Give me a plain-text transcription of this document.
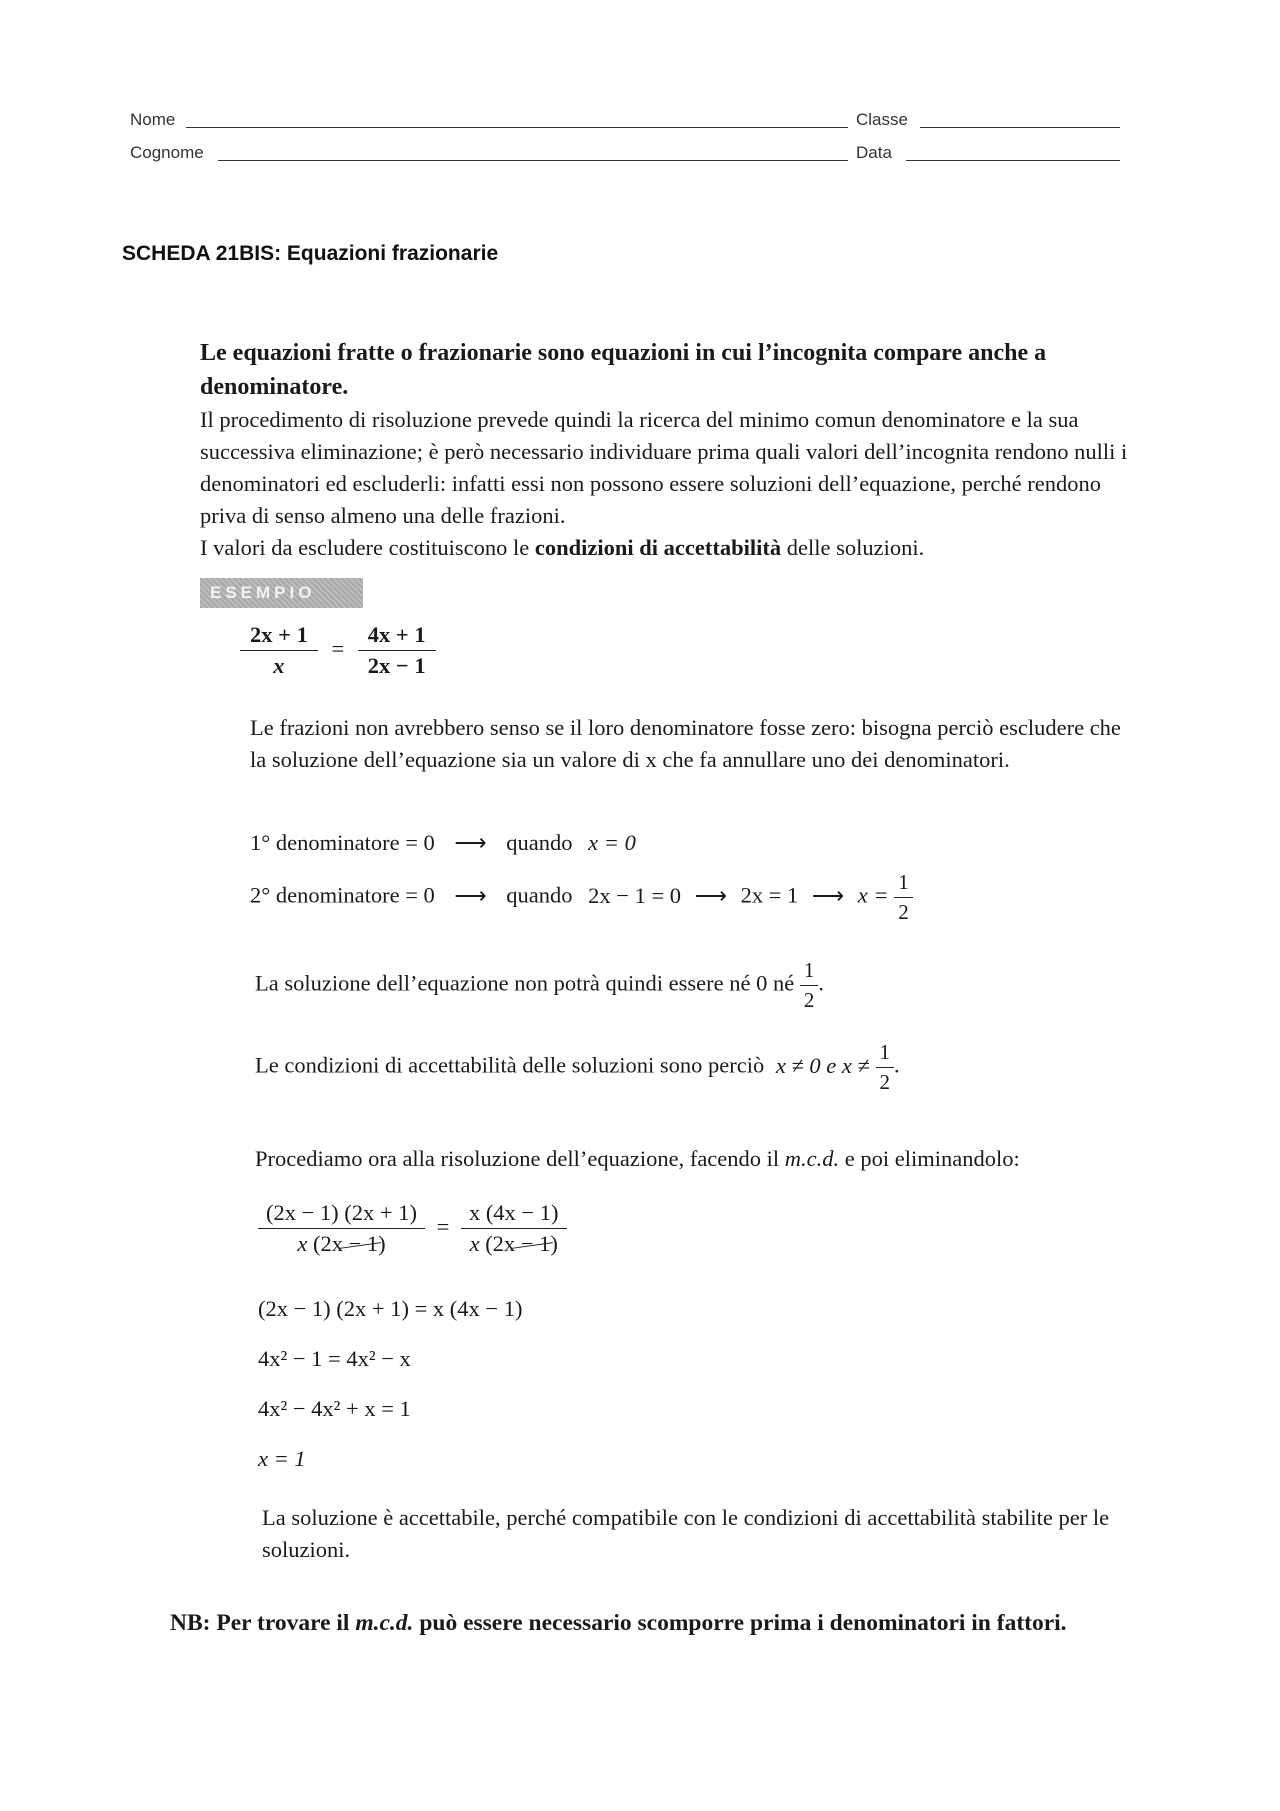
Nome	Classe
Cognome	Data
SCHEDA 21BIS: Equazioni frazionarie

Le equazioni fratte o frazionarie sono equazioni in cui l’incognita compare anche a denominatore.

Il procedimento di risoluzione prevede quindi la ricerca del minimo comun denominatore e la sua successiva eliminazione; è però necessario individuare prima quali valori dell’incognita rendono nulli i denominatori ed escluderli: infatti essi non possono essere soluzioni dell’equazione, perché rendono priva di senso almeno una delle frazioni.

I valori da escludere costituiscono le condizioni di accettabilità delle soluzioni.

ESEMPIO
$\frac{2x + 1}{x} = \frac{4x + 1}{2x - 1}$
Le frazioni non avrebbero senso se il loro denominatore fosse zero: bisogna perciò escludere che la soluzione dell’equazione sia un valore di x che fa annullare uno dei denominatori.
1° denominatore = 0 ⟶ quando x = 0
2° denominatore = 0 ⟶ quando 2x − 1 = 0 ⟶ 2x = 1 ⟶ $x = \frac{1}{2}$
La soluzione dell’equazione non potrà quindi essere né 0 né $\frac{1}{2}$ .
Le condizioni di accettabilità delle soluzioni sono perciò x ≠ 0 e $x \ne \frac{1}{2}$ .
Procediamo ora alla risoluzione dell’equazione, facendo il m.c.d. e poi eliminandolo:
$\frac{(2x - 1) (2x + 1)}{x (2x - 1)} = \frac{x (4x - 1)}{x (2x - 1)}$
(2x − 1) (2x + 1) = x (4x − 1)
4x² − 1 = 4x² − x
4x² − 4x² + x = 1
x = 1
La soluzione è accettabile, perché compatibile con le condizioni di accettabilità stabilite per le soluzioni.
NB: Per trovare il m.c.d. può essere necessario scomporre prima i denominatori in fattori.
